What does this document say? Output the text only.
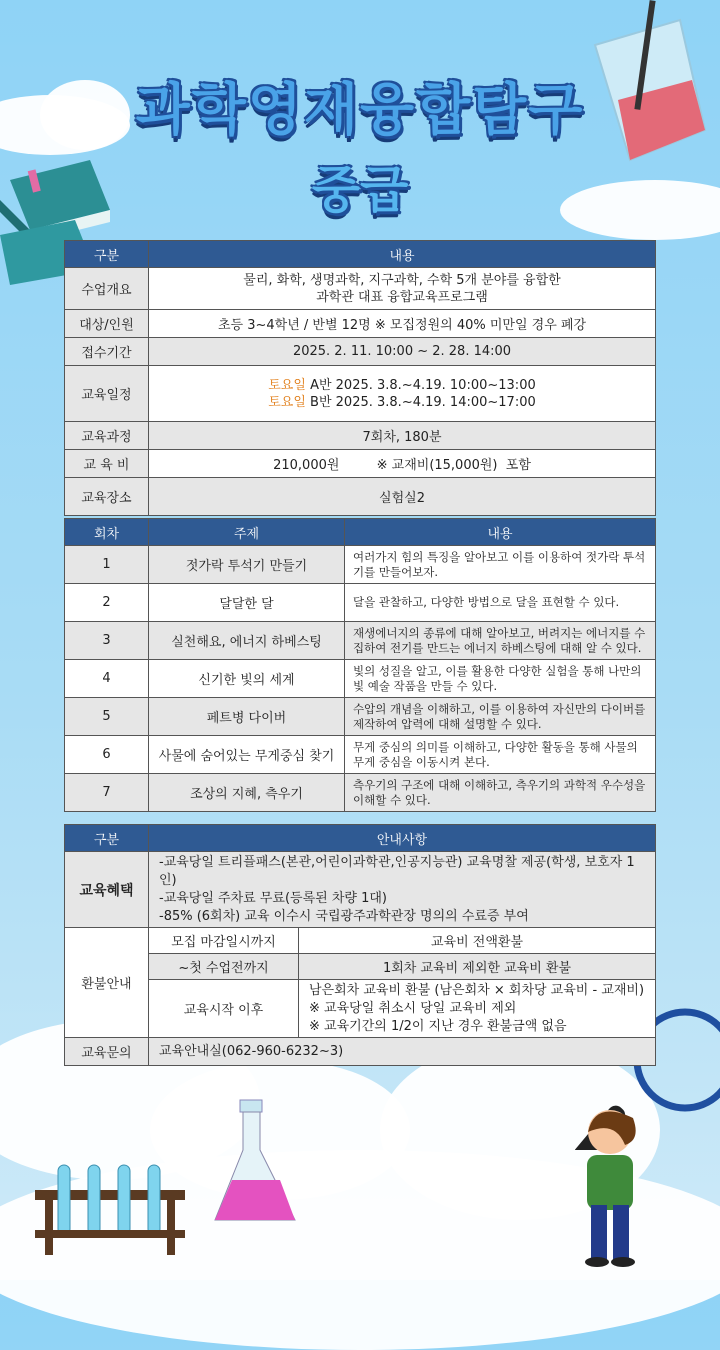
과학영재융합탐구
중급
구분	내용
수업개요	물리, 화학, 생명과학, 지구과학, 수학 5개 분야를 융합한
과학관 대표 융합교육프로그램
대상/인원	초등 3~4학년 / 반별 12명 ※ 모집정원의 40% 미만일 경우 폐강
접수기간	2025. 2. 11. 10:00 ~ 2. 28. 14:00
교육일정	토요일 A반 2025. 3.8.~4.19. 10:00~13:00
토요일 B반 2025. 3.8.~4.19. 14:00~17:00
교육과정	7회차, 180분
교 육 비	210,000원         ※ 교재비(15,000원)  포함
교육장소	실험실2
회차	주제	내용
1	젓가락 투석기 만들기	여러가지 힘의 특징을 알아보고 이를 이용하여 젓가락 투석기를 만들어보자.
2	달달한 달	달을 관찰하고, 다양한 방법으로 달을 표현할 수 있다.
3	실천해요, 에너지 하베스팅	재생에너지의 종류에 대해 알아보고, 버려지는 에너지를 수집하여 전기를 만드는 에너지 하베스팅에 대해 알 수 있다.
4	신기한 빛의 세계	빛의 성질을 알고, 이를 활용한 다양한 실험을 통해 나만의 빛 예술 작품을 만들 수 있다.
5	페트병 다이버	수압의 개념을 이해하고, 이를 이용하여 자신만의 다이버를 제작하여 압력에 대해 설명할 수 있다.
6	사물에 숨어있는 무게중심 찾기	무게 중심의 의미를 이해하고, 다양한 활동을 통해 사물의 무게 중심을 이동시켜 본다.
7	조상의 지혜, 측우기	측우기의 구조에 대해 이해하고, 측우기의 과학적 우수성을 이해할 수 있다.
구분	안내사항	
교육혜택	-교육당일 트리플패스(본관,어린이과학관,인공지능관) 교육명찰 제공(학생, 보호자 1인)
-교육당일 주차료 무료(등록된 차량 1대)
-85% (6회차) 교육 이수시 국립광주과학관장 명의의 수료증 부여	

환불안내	모집 마감일시까지	교육비 전액환불
	~첫 수업전까지	1회차 교육비 제외한 교육비 환불
	교육시작 이후	남은회차 교육비 환불 (남은회차 × 회차당 교육비 - 교재비)
※ 교육당일 취소시 당일 교육비 제외
※ 교육기간의 1/2이 지난 경우 환불금액 없음

교육문의	교육안내실(062-960-6232~3)	
